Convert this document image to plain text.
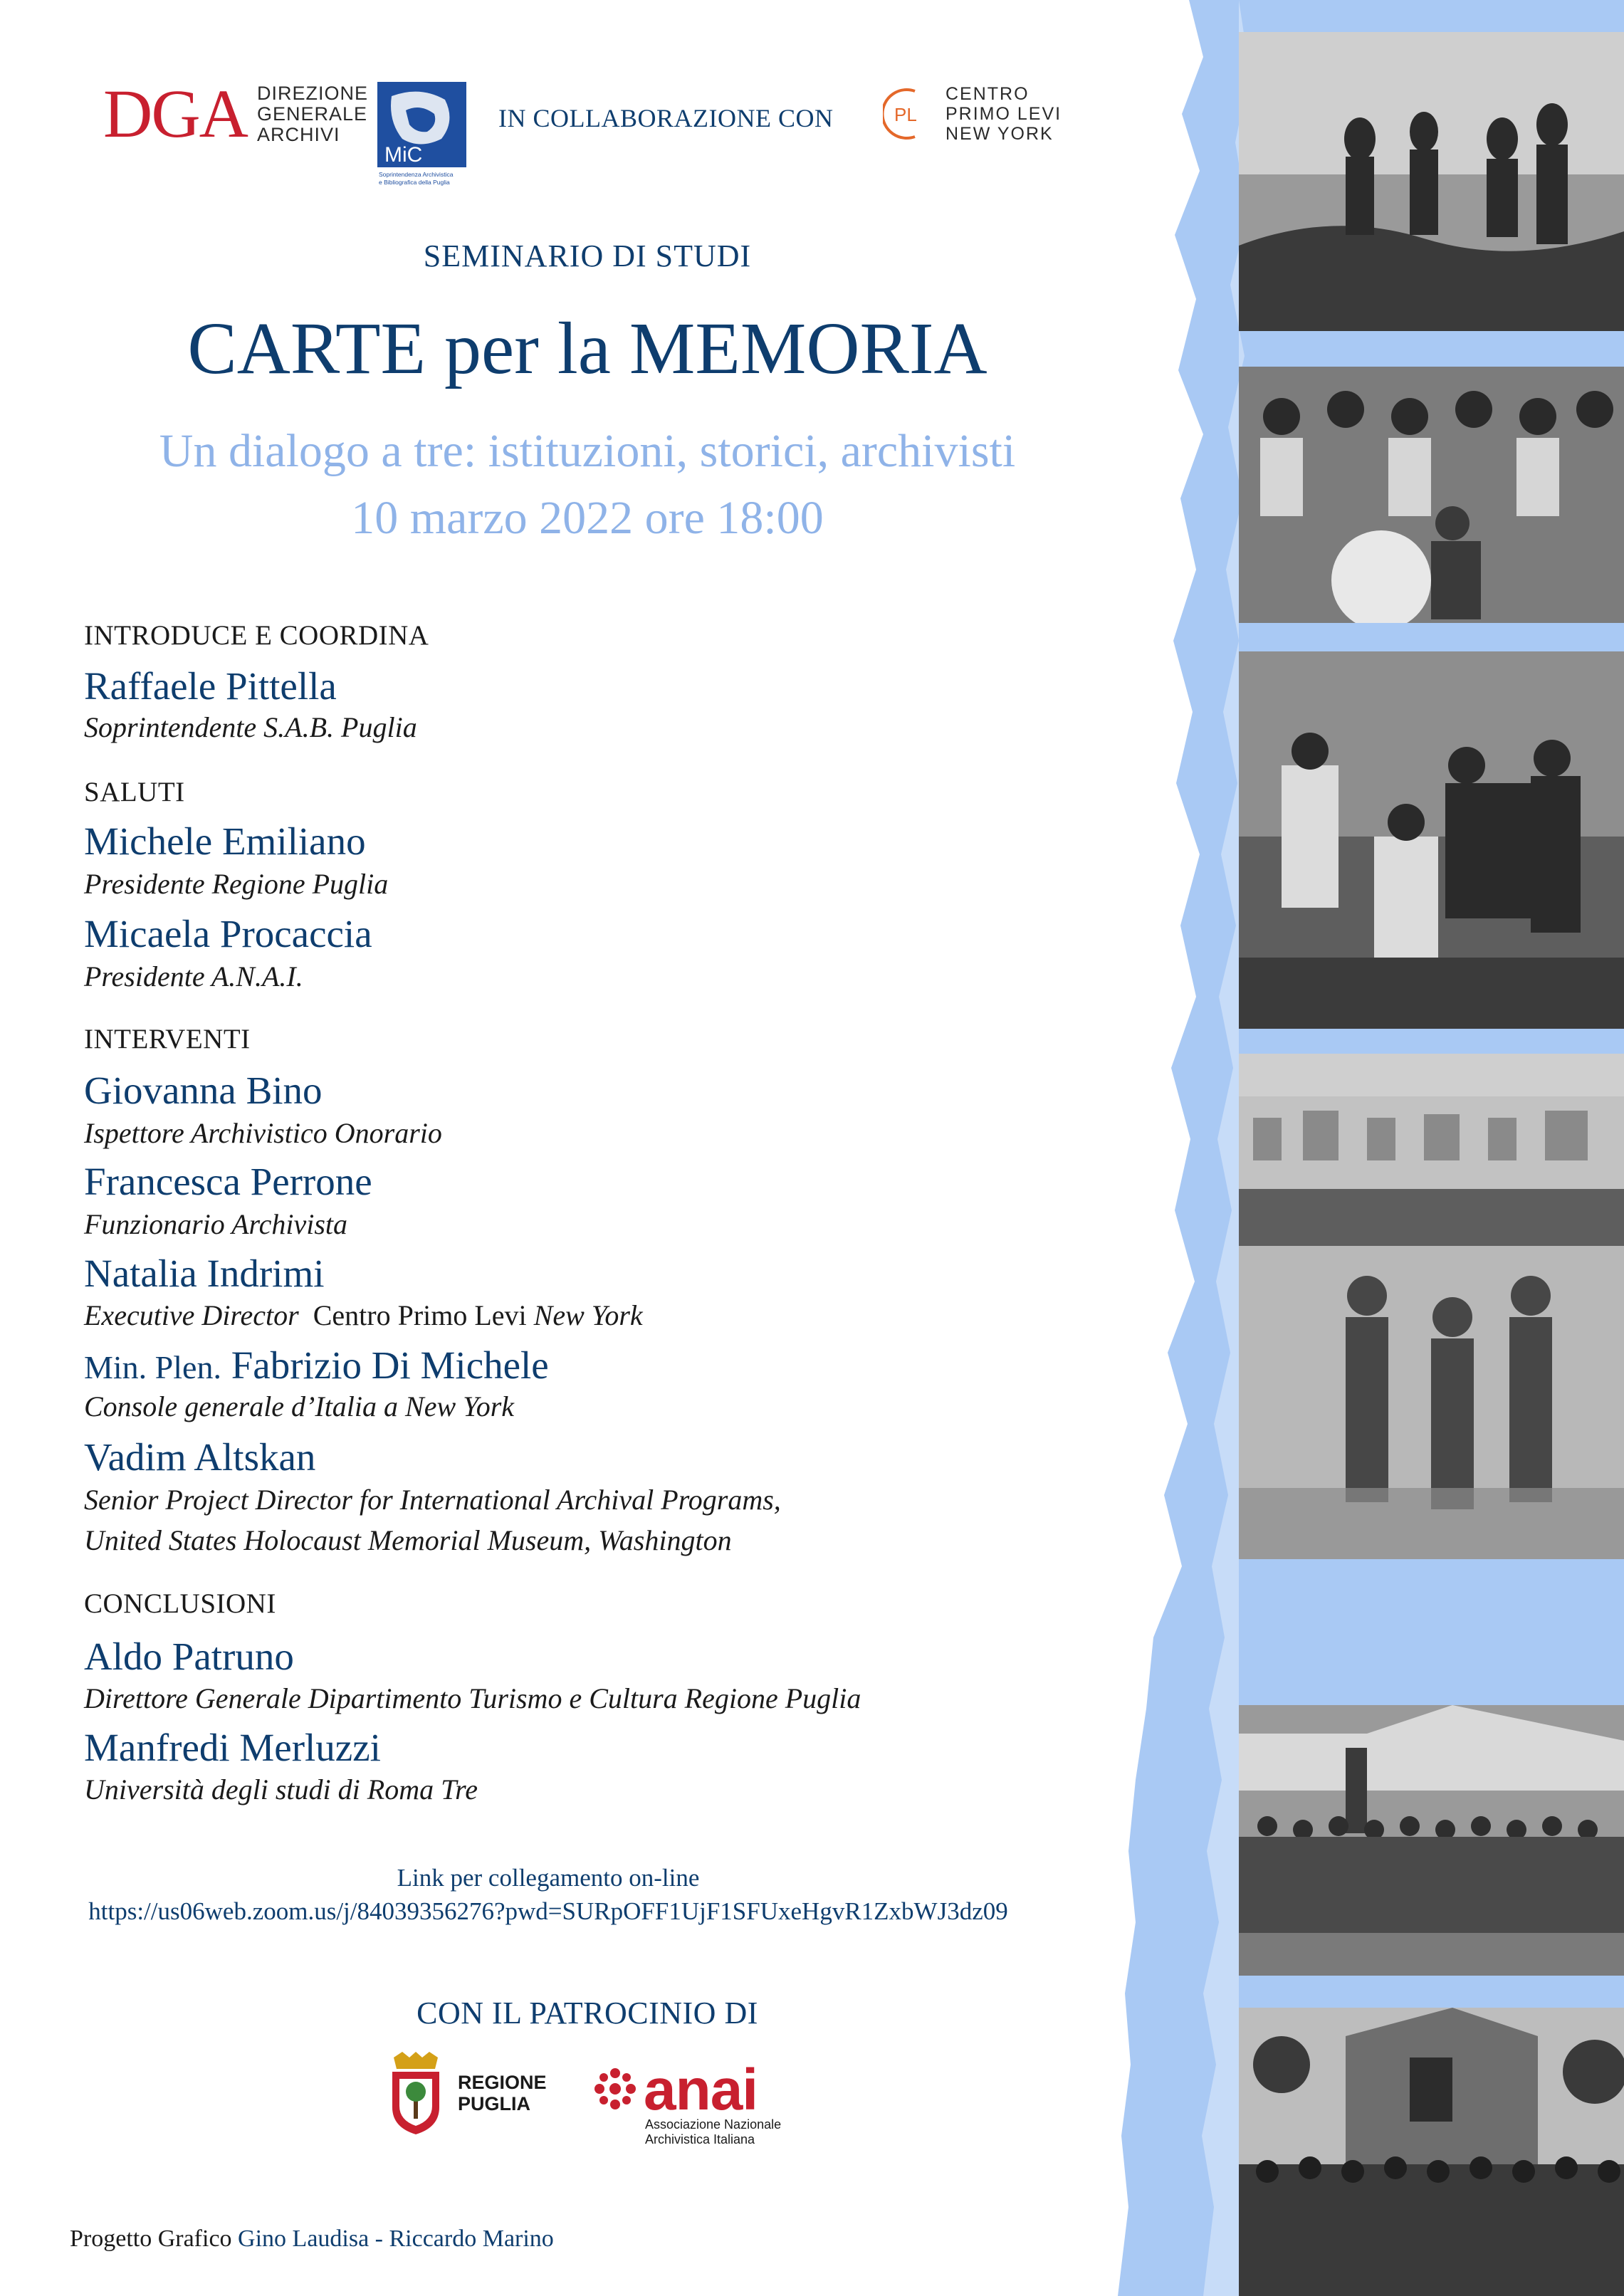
DGA DIREZIONE
GENERALE
ARCHIVI
MiC
Soprintendenza Archivistica
e Bibliografica della Puglia
IN COLLABORAZIONE CON	PL
CENTRO
PRIMO LEVI
NEW YORK
SEMINARIO DI STUDI
CARTE per la MEMORIA
Un dialogo a tre: istituzioni, storici, archivisti
10 marzo 2022 ore 18:00
INTRODUCE E COORDINA
Raffaele Pittella
Soprintendente S.A.B. Puglia
SALUTI
Michele Emiliano
Presidente Regione Puglia
Micaela Procaccia
Presidente A.N.A.I.
INTERVENTI
Giovanna Bino
Ispettore Archivistico Onorario
Francesca Perrone
Funzionario Archivista
Natalia Indrimi
Executive Director Centro Primo Levi New York
Min. Plen. Fabrizio Di Michele
Console generale d’Italia a New York
Vadim Altskan
Senior Project Director for International Archival Programs,
United States Holocaust Memorial Museum, Washington
CONCLUSIONI
Aldo Patruno
Direttore Generale Dipartimento Turismo e Cultura Regione Puglia
Manfredi Merluzzi
Università degli studi di Roma Tre
Link per collegamento on-line
https://us06web.zoom.us/j/84039356276?pwd=SURpOFF1UjF1SFUxeHgvR1ZxbWJ3dz09
CON IL PATROCINIO DI
REGIONE
PUGLIA anai
Associazione Nazionale
Archivistica Italiana
Progetto Grafico Gino Laudisa - Riccardo Marino
